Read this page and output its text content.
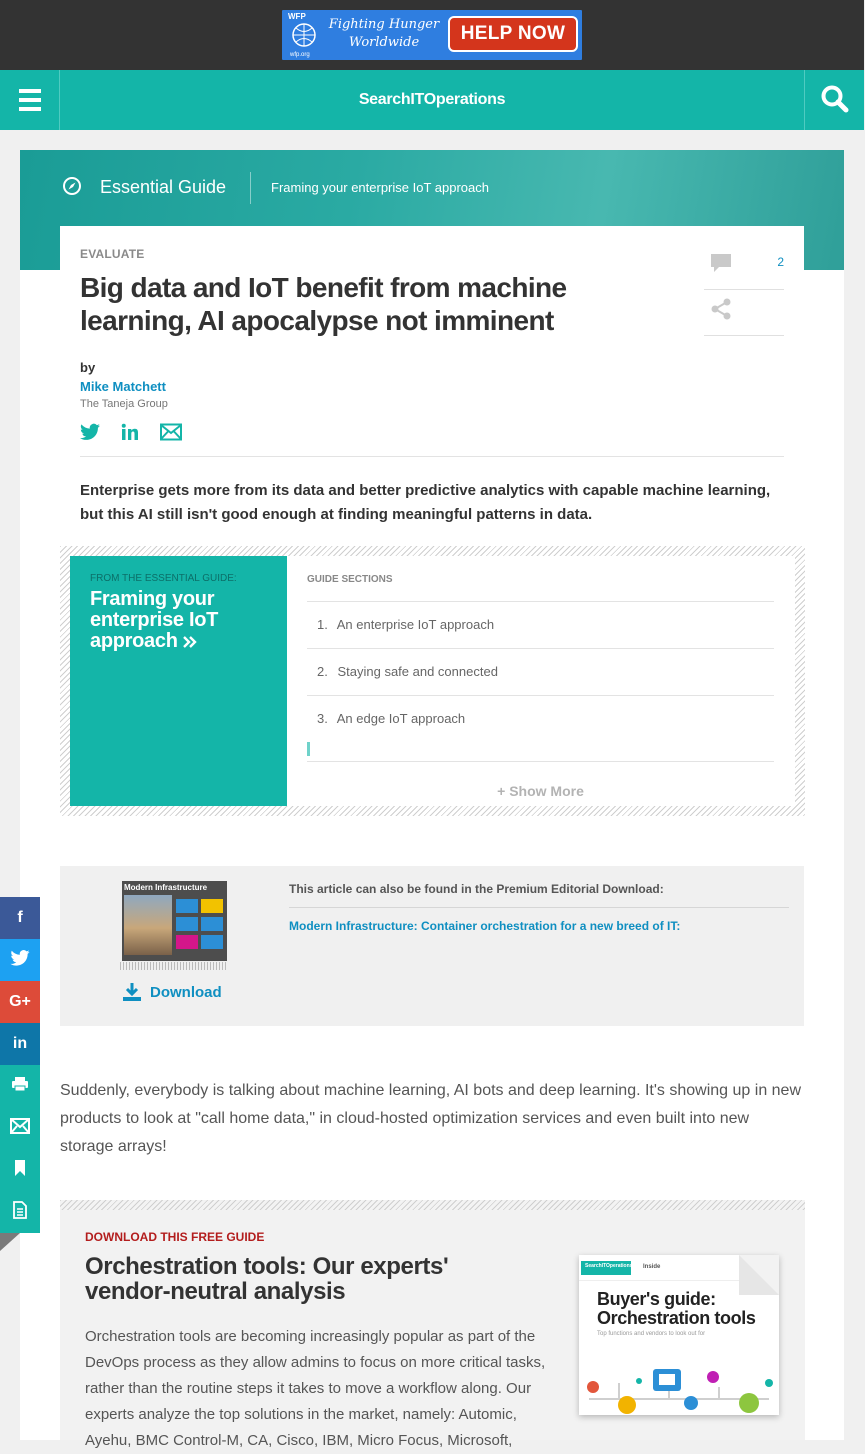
WFP
wfp.org
Fighting Hunger
Worldwide	HELP NOW
SearchITOperations
Essential Guide	Framing your enterprise IoT approach
EVALUATE
Big data and IoT benefit from machine learning, AI apocalypse not imminent
by
Mike Matchett
The Taneja Group
2

Enterprise gets more from its data and better predictive analytics with capable machine learning, but this AI still isn't good enough at finding meaningful patterns in data.

FROM THE ESSENTIAL GUIDE:
Framing your enterprise IoT approach
GUIDE SECTIONS
1. An enterprise IoT approach
2. Staying safe and connected
3. An edge IoT approach
+ Show More
Modern Infrastructure
Download
This article can also be found in the Premium Editorial Download:
Modern Infrastructure: Container orchestration for a new breed of IT:

Suddenly, everybody is talking about machine learning, AI bots and deep learning. It's showing up in new products to look at "call home data," in cloud-hosted optimization services and even built into new storage arrays!

DOWNLOAD THIS FREE GUIDE
Orchestration tools: Our experts' vendor-neutral analysis
Orchestration tools are becoming increasingly popular as part of the DevOps process as they allow admins to focus on more critical tasks, rather than the routine steps it takes to move a workflow along. Our experts analyze the top solutions in the market, namely: Automic, Ayehu, BMC Control-M, CA, Cisco, IBM, Micro Focus, Microsoft,
SearchITOperations Inside
Buyer's guide: Orchestration tools
Top functions and vendors to look out for
f
G+
in
